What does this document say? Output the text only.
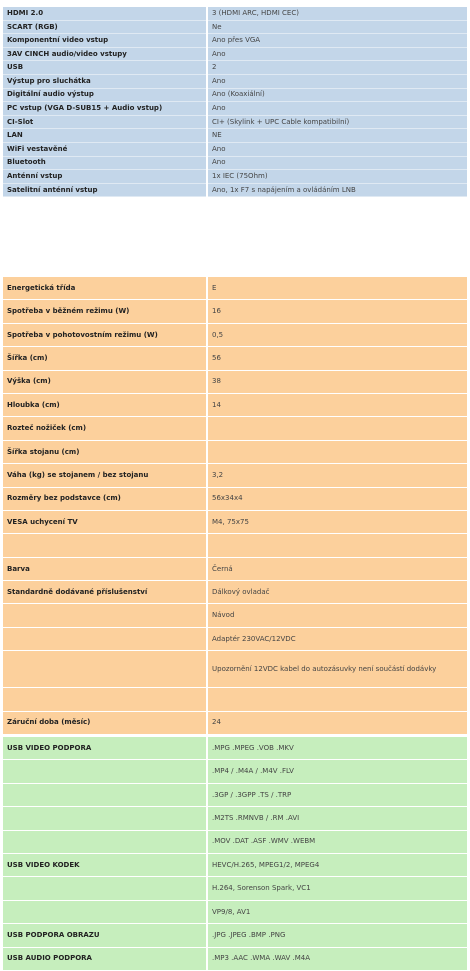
HDMI 2.0	3 (HDMI ARC, HDMI CEC)
SCART (RGB)	Ne
Komponentní video vstup	Ano přes VGA
3AV CINCH audio/video vstupy	Ano
USB	2
Výstup pro sluchátka	Ano
Digitální audio výstup	Ano (Koaxiální)
PC vstup (VGA D-SUB15 + Audio vstup)	Ano
CI-Slot	CI+ (Skylink + UPC Cable kompatibilní)
LAN	NE
WiFi vestavěné	Ano
Bluetooth	Ano
Anténní vstup	1x IEC (75Ohm)
Satelitní anténní vstup	Ano, 1x F7 s napájením a ovládáním LNB
Energetická třída	E
Spotřeba v běžném režimu (W)	16
Spotřeba v pohotovostním režimu (W)	0,5
Šířka (cm)	56
Výška (cm)	38
Hloubka (cm)	14
Rozteč nožiček (cm)	
Šířka stojanu (cm)	
Váha (kg) se stojanem / bez stojanu	3,2
Rozměry bez podstavce (cm)	56x34x4
VESA uchycení TV	M4, 75x75

Barva	Černá
Standardně dodávané příslušenství	Dálkový ovladač
	Návod
	Adaptér 230VAC/12VDC
	Upozornění 12VDC kabel do autozásuvky není součástí dodávky

Záruční doba (měsíc)	24
USB VIDEO PODPORA	.MPG .MPEG .VOB .MKV
	.MP4 / .M4A / .M4V .FLV
	.3GP / .3GPP .TS / .TRP
	.M2TS .RMNVB / .RM .AVI
	.MOV .DAT .ASF .WMV .WEBM
USB VIDEO KODEK	HEVC/H.265, MPEG1/2, MPEG4
	H.264, Sorenson Spark, VC1
	VP9/8, AV1
USB PODPORA OBRAZU	.JPG .JPEG .BMP .PNG
USB AUDIO PODPORA	.MP3 .AAC .WMA .WAV .M4A
